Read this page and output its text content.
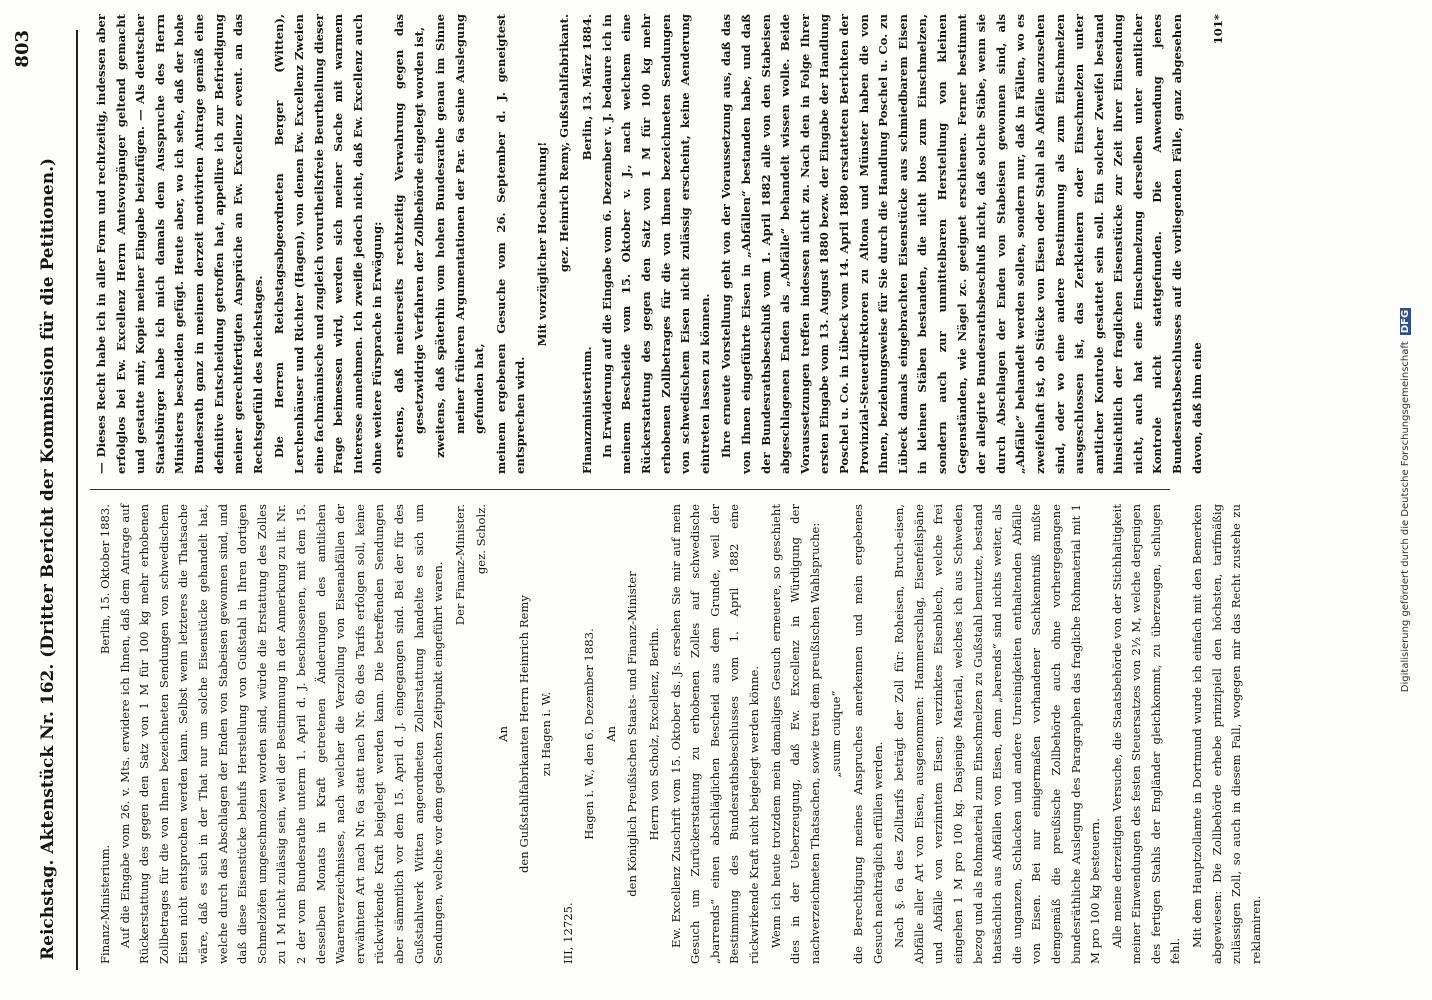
Reichstag. Aktenstück Nr. 162. (Dritter Bericht der Kommission für die Petitionen.)
803
Finanz-Ministerium.
Berlin, 15. Oktober 1883. Auf die Eingabe vom 26. v. Mts. erwidere ich Ihnen, daß dem Antrage auf Rückerstattung des gegen den Satz von 1 M für 100 kg mehr erhobenen Zollbetrages für die von Ihnen bezeichneten Sendungen von schwedischem Eisen nicht entsprochen werden kann. Selbst wenn letzteres die Thatsache wäre, daß es sich in der That nur um solche Eisenstücke gehandelt hat, welche durch das Abschlagen der Enden von Stabeisen gewonnen sind, und daß diese Eisenstücke behufs Herstellung von Gußstahl in Ihren dortigen Schmelzöfen umgeschmolzen worden sind, würde die Erstattung des Zolles zu 1 M nicht zulässig sein, weil der Bestimmung in der Anmerkung zu lit. Nr. 2 der vom Bundesrathe unterm 1. April d. J. beschlossenen, mit dem 15. desselben Monats in Kraft getretenen Änderungen des amtlichen Waarenverzeichnisses, nach welcher die Verzollung von Eisenabfällen der erwähnten Art nach Nr. 6a statt nach Nr. 6b des Tarifs erfolgen soll, keine rückwirkende Kraft beigelegt werden kann. Die betreffenden Sendungen aber sämmtlich vor dem 15. April d. J. eingegangen sind. Bei der für des Gußstahlwerk Witten angeordneten Zollerstattung handelte es sich um Sendungen, welche vor dem gedachten Zeitpunkt eingeführt waren. Der Finanz-Minister. gez. Scholz.

An den Gußstahlfabrikanten Herrn Heinrich Remy zu Hagen i. W.

III, 12725.

Hagen i. W., den 6. Dezember 1883. An den Königlich Preußischen Staats- und Finanz-Minister Herrn von Scholz, Excellenz, Berlin. Ew. Excellenz Zuschrift vom 15. Oktober ds. Js. ersehen Sie mir auf mein Gesuch um Zurückerstattung zu erhobenen Zolles auf schwedische „barrends“ einen abschläglichen Bescheid aus dem Grunde, weil der Bestimmung des Bundesrathsbeschlusses vom 1. April 1882 eine rückwirkende Kraft nicht beigelegt werden könne. Wenn ich heute trotzdem mein damaliges Gesuch erneuere, so geschieht dies in der Ueberzeugung, daß Ew. Excellenz in Würdigung der nachverzeichneten Thatsachen, sowie treu dem preußischen Wahlspruche: „suum cuique“ die Berechtigung meines Anspruches anerkennen und mein ergebenes Gesuch nachträglich erfüllen werden. Nach §. 6a des Zolltarifs beträgt der Zoll für: Roheisen, Bruch-eisen, Abfälle aller Art von Eisen, ausgenommen: Hammerschlag, Eisenfeilspäne und Abfälle von verzinntem Eisen; verzinktes Eisenblech, welche frei eingehen 1 M pro 100 kg. Dasjenige Material, welches ich aus Schweden bezog und als Rohmaterial zum Einschmelzen zu Gußstahl benutzte, bestand thatsächlich aus Abfällen von Eisen, denn „barends“ sind nichts weiter, als die unganzen, Schlacken und andere Unreinigkeiten enthaltenden Abfälle von Eisen. Bei nur einigermaßen vorhandener Sachkenntniß mußte demgemäß die preußische Zollbehörde auch ohne vorhergegangene bundesräthliche Auslegung des Paragraphen das fragliche Rohmaterial mit 1 M pro 100 kg besteuern. Alle meine derzeitigen Versuche, die Staatsbehörde von der Stichhaltigkeit meiner Einwendungen des festen Steuersatzes von 2½ M, welche derjenigen des fertigen Stahls der Engländer gleichkommt, zu überzeugen, schlugen fehl.

Mit dem Hauptzollamte in Dortmund wurde ich einfach mit den Bemerken abgewiesen: Die Zollbehörde erhebe prinzipiell den höchsten, tarifmäßig zulässigen Zoll, so auch in diesem Fall, wogegen mir das Recht zustehe zu reklamiren.

— Dieses Recht habe ich in aller Form und rechtzeitig, indessen aber erfolglos bei Ew. Excellenz Herrn Amtsvorgänger geltend gemacht und gestatte mir, Kopie meiner Eingabe beizufügen. — Als deutscher Staatsbürger habe ich mich damals dem Ausspruche des Herrn Ministers bescheiden gefügt. Heute aber, wo ich sehe, daß der hohe Bundesrath ganz in meinem derzeit motivirten Antrage gemäß eine definitive Entscheidung getroffen hat, appellire ich zur Befriedigung meiner gerechtfertigten Ansprüche an Ew. Excellenz event. an das Rechtsgefühl des Reichstages. Die Herren Reichstagsabgeordneten Berger (Witten), Lerchenhäuser und Richter (Hagen), von denen Ew. Excellenz Zweien eine fachmännische und zugleich vorurtheilsfreie Beurtheilung dieser Frage beimessen wird, werden sich meiner Sache mit warmem Interesse annehmen. Ich zweifle jedoch nicht, daß Ew. Excellenz auch ohne weitere Fürsprache in Erwägung: erstens, daß meinerseits rechtzeitig Verwahrung gegen das gesetzwidrige Verfahren der Zollbehörde eingelegt worden ist, zweitens, daß späterhin vom hohen Bundesrathe genau im Sinne meiner früheren Argumentationen der Par. 6a seine Auslegung gefunden hat, meinem ergebenen Gesuche vom 26. September d. J. geneigtest entsprechen wird.

Mit vorzüglicher Hochachtung! gez. Heinrich Remy, Gußstahlfabrikant.

Finanzministerium.
Berlin, 13. März 1884. In Erwiderung auf die Eingabe vom 6. Dezember v. J. bedaure ich in meinem Bescheide vom 15. Oktober v. J., nach welchem eine Rückerstattung des gegen den Satz von 1 M für 100 kg mehr erhobenen Zollbetrages für die von Ihnen bezeichneten Sendungen von schwedischem Eisen nicht zulässig erscheint, keine Aenderung eintreten lassen zu können. Ihre erneute Vorstellung geht von der Voraussetzung aus, daß das von Ihnen eingeführte Eisen in „Abfällen“ bestanden habe, und daß der Bundesrathsbeschluß vom 1. April 1882 alle von den Stabeisen abgeschlagenen Enden als „Abfälle“ behandelt wissen wolle. Beide Voraussetzungen treffen indessen nicht zu. Nach den in Folge Ihrer ersten Eingabe vom 13. August 1880 bezw. der Eingabe der Handlung Poschel u. Co. in Lübeck vom 14. April 1880 erstatteten Berichten der Provinzial-Steuerdirektoren zu Altona und Münster haben die von Ihnen, beziehungsweise für Sie durch die Handlung Poschel u. Co. zu Lübeck damals eingebrachten Eisenstücke aus schmiedbarem Eisen in kleinen Stäben bestanden, die nicht blos zum Einschmelzen, sondern auch zur unmittelbaren Herstellung von kleinen Gegenständen, wie Nägel zc. geeignet erschienen. Ferner bestimmt der allegirte Bundesrathsbeschluß nicht, daß solche Stäbe, wenn sie durch Abschlagen der Enden von Stabeisen gewonnen sind, als „Abfälle“ behandelt werden sollen, sondern nur, daß in Fällen, wo es zweifelhaft ist, ob Stücke von Eisen oder Stahl als Abfälle anzusehen sind, oder wo eine andere Bestimmung als zum Einschmelzen ausgeschlossen ist, das Zerkleinern oder Einschmelzen unter amtlicher Kontrole gestattet sein soll. Ein solcher Zweifel bestand hinsichtlich der fraglichen Eisenstücke zur Zeit ihrer Einsendung nicht, auch hat eine Einschmelzung derselben unter amtlicher Kontrole nicht stattgefunden. Die Anwendung jenes Bundesrathsbeschlusses auf die vorliegenden Fälle, ganz abgesehen davon, daß ihm eine

101*

Digitalisierung gefördert durch die Deutsche Forschungsgemeinschaft DFG
